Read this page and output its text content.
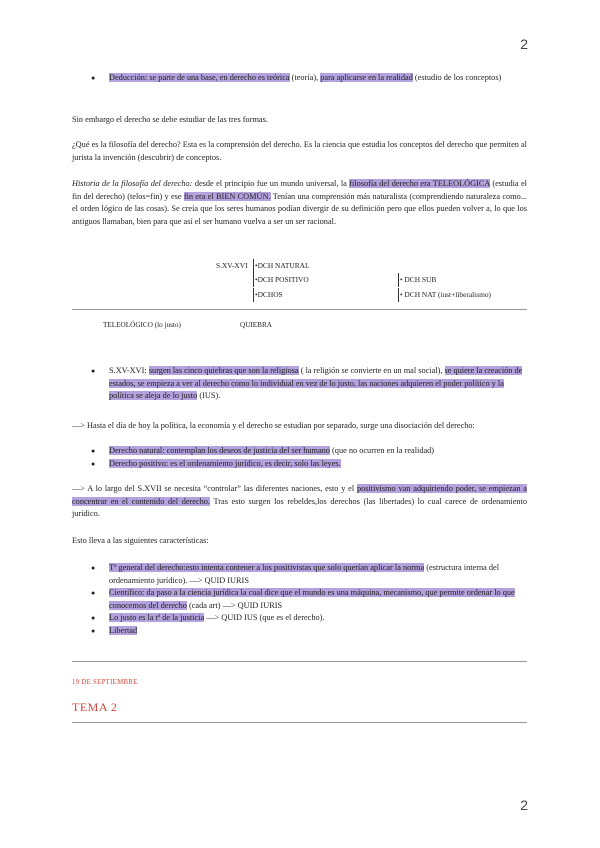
2
● Deducción: se parte de una base, en derecho es teórica (teoría), para aplicarse en la realidad (estudio de los conceptos)
Sin embargo el derecho se debe estudiar de las tres formas.
¿Qué es la filosofía del derecho? Esta es la comprensión del derecho. Es la ciencia que estudia los conceptos del derecho que permiten al jurista la invención (descubrir) de conceptos.
Historia de la filosofía del derecho: desde el principio fue un mundo universal, la filosofía del derecho era TELEOLÓGICA (estudia el fin del derecho) (telos=fin) y ese fin era el BIEN COMÚN. Tenían una comprensión más naturalista (comprendiendo naturaleza como... el orden lógico de las cosas). Se creía que los seres humanos podían divergir de su definición pero que ellos pueden volver a, lo que los antiguos llamaban, bien para que así el ser humano vuelva a ser un ser racional.
S.XV-XVI •DCH NATURAL
•DCH POSITIVO
•DCHOS
• DCH SUB
• DCH NAT (iust+liberalismo)
TELEOLÓGICO (lo justo)	QUIEBRA
● S.XV-XVI: surgen las cinco quiebras que son la religiosa ( la religión se convierte en un mal social), se quiere la creación de estados, se empieza a ver al derecho como lo individual en vez de lo justo, las naciones adquieren el poder político y la política se aleja de lo justo (IUS).
—> Hasta el día de hoy la política, la economía y el derecho se estudian por separado, surge una disociación del derecho:
● Derecho natural: contemplan los deseos de justicia del ser humano (que no ocurren en la realidad)
● Derecho positivo: es el ordenamiento jurídico, es decir, solo las leyes.
—> A lo largo del S.XVII se necesita “controlar” las diferentes naciones, esto y el positivismo van adquiriendo poder, se empiezan a concentrar en el contenido del derecho. Tras esto surgen los rebeldes,los derechos (las libertades) lo cual carece de ordenamiento jurídico.
Esto lleva a las siguientes características:
● Tª general del derecho:esto intenta contener a los positivistas que solo querían aplicar la norma (estructura interna del ordenamiento jurídico). —> QUID IURIS
● Científico: da paso a la ciencia jurídica la cual dice que el mundo es una máquina, mecanismo, que permite ordenar lo que conocemos del derecho (cada art) —> QUID IURIS
● Lo justo es la tª de la justicia —> QUID IUS (que es el derecho).
● Libertad
19 DE SEPTIEMBRE
TEMA 2
2
